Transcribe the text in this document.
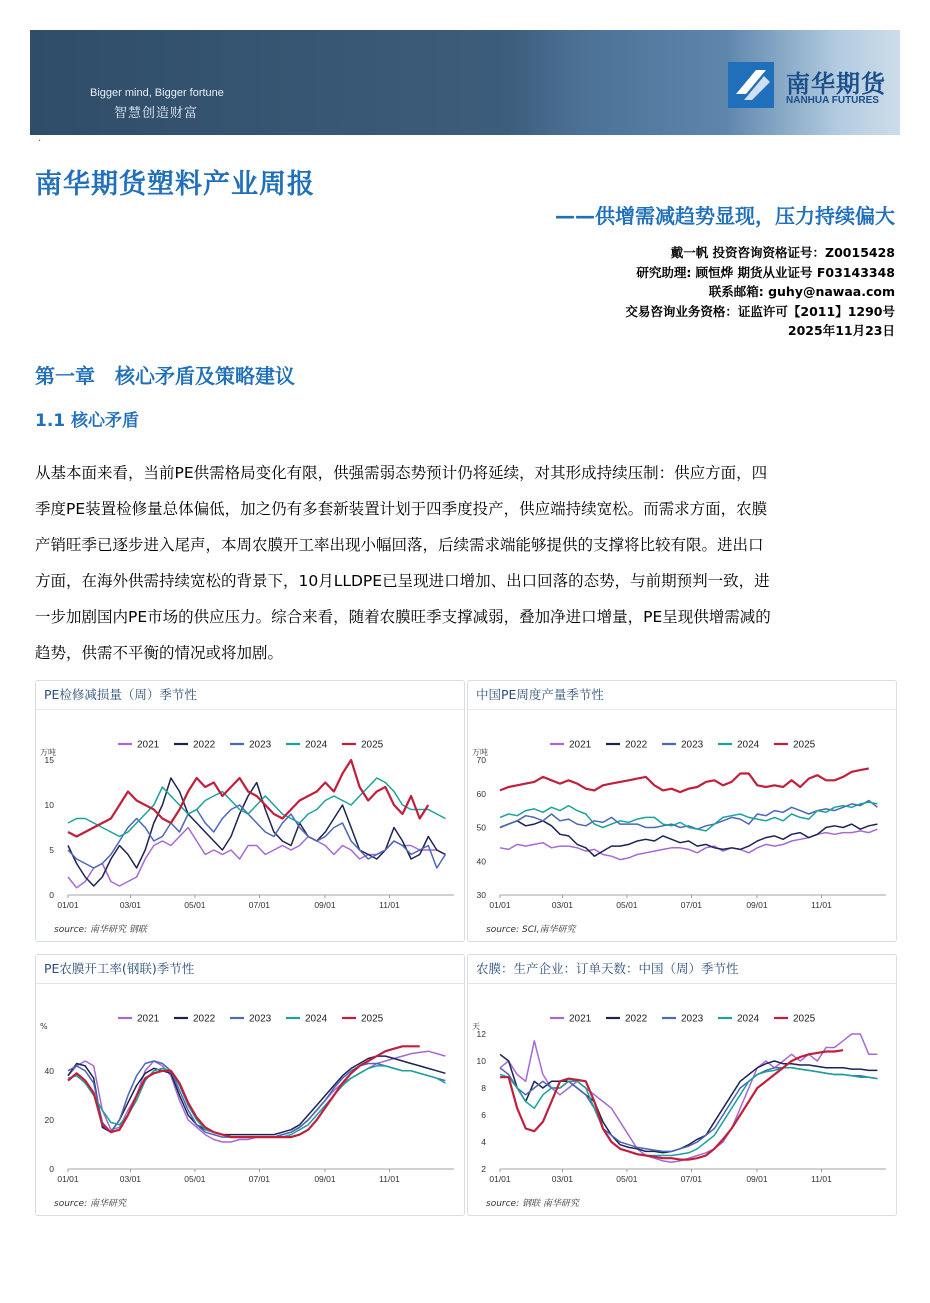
Bigger mind, Bigger fortune
智慧创造财富
南华期货
NANHUA FUTURES
·
南华期货塑料产业周报
——供增需减趋势显现，压力持续偏大
戴一帆 投资咨询资格证号：Z0015428
研究助理: 顾恒烨 期货从业证号 F03143348
联系邮箱: guhy@nawaa.com
交易咨询业务资格：证监许可【2011】1290号
2025年11月23日
第一章　核心矛盾及策略建议
1.1 核心矛盾
从基本面来看，当前PE供需格局变化有限，供强需弱态势预计仍将延续，对其形成持续压制：供应方面，四
季度PE装置检修量总体偏低，加之仍有多套新装置计划于四季度投产，供应端持续宽松。而需求方面，农膜
产销旺季已逐步进入尾声，本周农膜开工率出现小幅回落，后续需求端能够提供的支撑将比较有限。进出口
方面，在海外供需持续宽松的背景下，10月LLDPE已呈现进口增加、出口回落的态势，与前期预判一致，进
一步加剧国内PE市场的供应压力。综合来看，随着农膜旺季支撑减弱，叠加净进口增量，PE呈现供增需减的
趋势，供需不平衡的情况或将加剧。
PE检修减损量（周）季节性
2021	2022	2023	2024	2025
万吨
0
5
10
15
01/01	03/01	05/01	07/01	09/01	11/01
source: 南华研究 钢联
中国PE周度产量季节性
2021	2022	2023	2024	2025
万吨
30
40
50
60
70
01/01	03/01	05/01	07/01	09/01	11/01
source: SCI,南华研究
PE农膜开工率(钢联)季节性
2021	2022	2023	2024	2025
%
0
20
40
01/01	03/01	05/01	07/01	09/01	11/01
source: 南华研究
农膜：生产企业：订单天数：中国（周）季节性
2021	2022	2023	2024	2025
天
2
4
6
8
10
12
01/01	03/01	05/01	07/01	09/01	11/01
source: 钢联 南华研究
